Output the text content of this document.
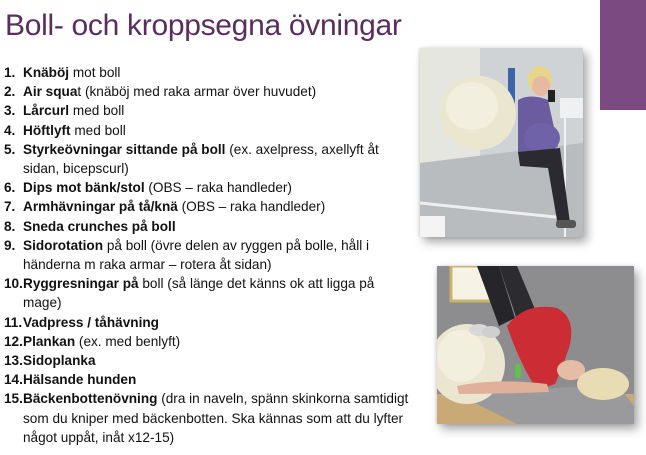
Boll- och kroppsegna övningar
1. Knäböj mot boll
2. Air squat (knäböj med raka armar över huvudet)
3. Lårcurl med boll
4. Höftlyft med boll
5. Styrkeövningar sittande på boll (ex. axelpress, axellyft åt sidan, bicepscurl)
6. Dips mot bänk/stol (OBS – raka handleder)
7. Armhävningar på tå/knä (OBS – raka handleder)
8. Sneda crunches på boll
9. Sidorotation på boll (övre delen av ryggen på bolle, håll i händerna m raka armar – rotera åt sidan)
10. Ryggresningar på boll (så länge det känns ok att ligga på mage)
11. Vadpress / tåhävning
12. Plankan (ex. med benlyft)
13. Sidoplanka
14. Hälsande hunden
15. Bäckenbottenövning (dra in naveln, spänn skinkorna samtidigt som du kniper med bäckenbotten. Ska kännas som att du lyfter något uppåt, inåt x12-15)
